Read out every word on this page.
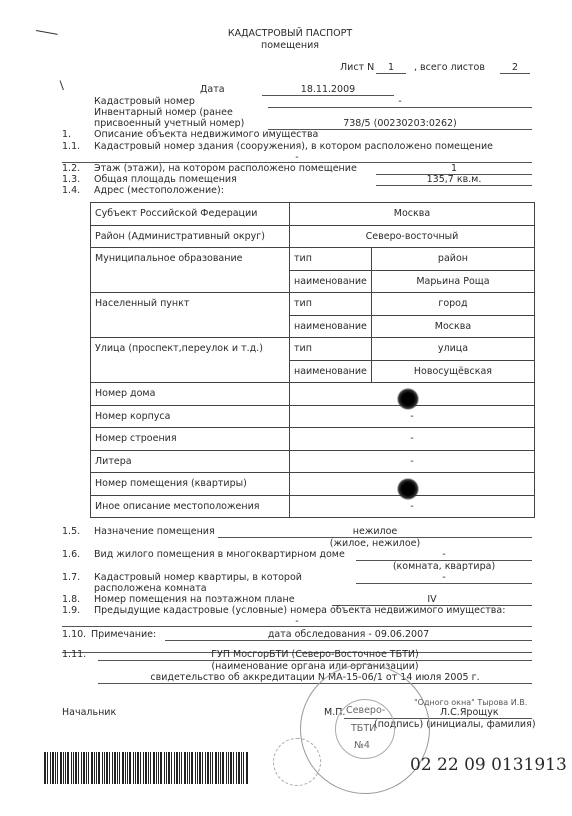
КАДАСТРОВЫЙ ПАСПОРТ
помещения
Лист N	1	, всего листов	2
Дата	18.11.2009
Кадастровый номер	-
Инвентарный номер (ранее
присвоенный учетный номер)	738/5 (00230203:0262)
1. Описание объекта недвижимого имущества
1.1. Кадастровый номер здания (сооружения), в котором расположено помещение
-
1.2. Этаж (этажи), на котором расположено помещение	1
1.3. Общая площадь помещения	135,7 кв.м.
1.4. Адрес (местоположение):
Субъект Российской Федерации	Москва	
Район (Административный округ)	Северо-восточный	
Муниципальное образование	тип	район
	наименование	Марьина Роща
Населенный пункт	тип	город
	наименование	Москва
Улица (проспект,переулок и т.д.)	тип	улица
	наименование	Новосущёвская
Номер дома		
Номер корпуса	-	
Номер строения	-	
Литера	-	
Номер помещения (квартиры)		
Иное описание местоположения	-	
1.5. Назначение помещения	нежилое
(жилое, нежилое)
1.6. Вид жилого помещения в многоквартирном доме	-
(комната, квартира)
1.7. Кадастровый номер квартиры, в которой
расположена комната
-
1.8. Номер помещения на поэтажном плане	IV
1.9. Предыдущие кадастровые (условные) номера объекта недвижимого имущества:
-
1.10. Примечание:	дата обследования - 09.06.2007
1.11.	ГУП МосгорБТИ (Северо-Восточное ТБТИ)
(наименование органа или организации)
свидетельство об аккредитации N МА-15-06/1 от 14 июля 2005 г.
Начальник	М.П.	Л.С.Ярощук
(подпись) (инициалы, фамилия)
"Одного окна" Тырова И.В.
Северо-
ТБТИ
№4
02 22 09 0131913
